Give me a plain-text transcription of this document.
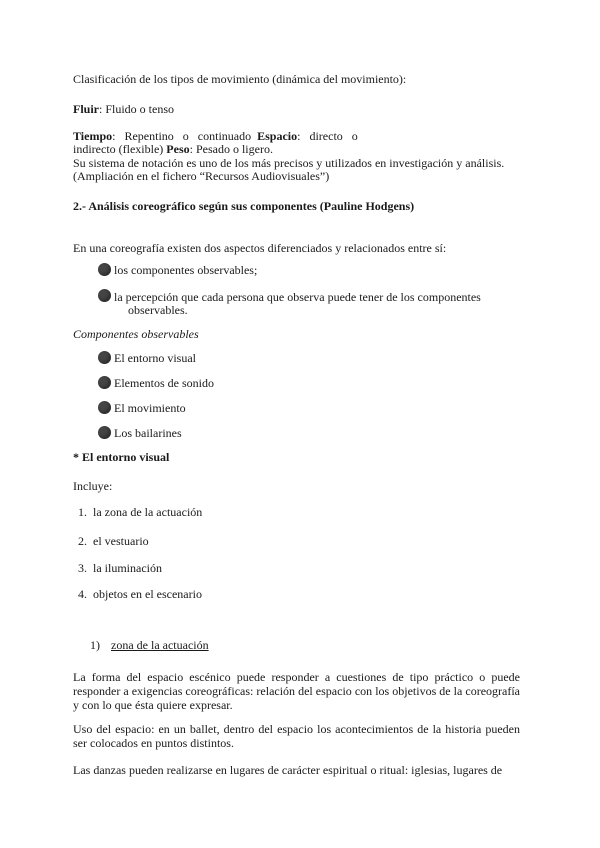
Clasificación de los tipos de movimiento (dinámica del movimiento):
Fluir: Fluido o tenso
Tiempo:   Repentino   o   continuado  Espacio:   directo   o
indirecto (flexible) Peso: Pesado o ligero.
Su sistema de notación es uno de los más precisos y utilizados en investigación y análisis.
(Ampliación en el fichero “Recursos Audiovisuales”)
2.- Análisis coreográfico según sus componentes (Pauline Hodgens)
En una coreografía existen dos aspectos diferenciados y relacionados entre sí:
los componentes observables;
la percepción que cada persona que observa puede tener de los componentes
observables.
Componentes observables
El entorno visual
Elementos de sonido
El movimiento
Los bailarines
* El entorno visual
Incluye:
1.  la zona de la actuación
2.  el vestuario
3.  la iluminación
4.  objetos en el escenario
1) zona de la actuación

La forma del espacio escénico puede responder a cuestiones de tipo práctico o puede responder a exigencias coreográficas: relación del espacio con los objetivos de la coreografía y con lo que ésta quiere expresar.

Uso del espacio: en un ballet, dentro del espacio los acontecimientos de la historia pueden ser colocados en puntos distintos.

Las danzas pueden realizarse en lugares de carácter espiritual o ritual: iglesias, lugares de
